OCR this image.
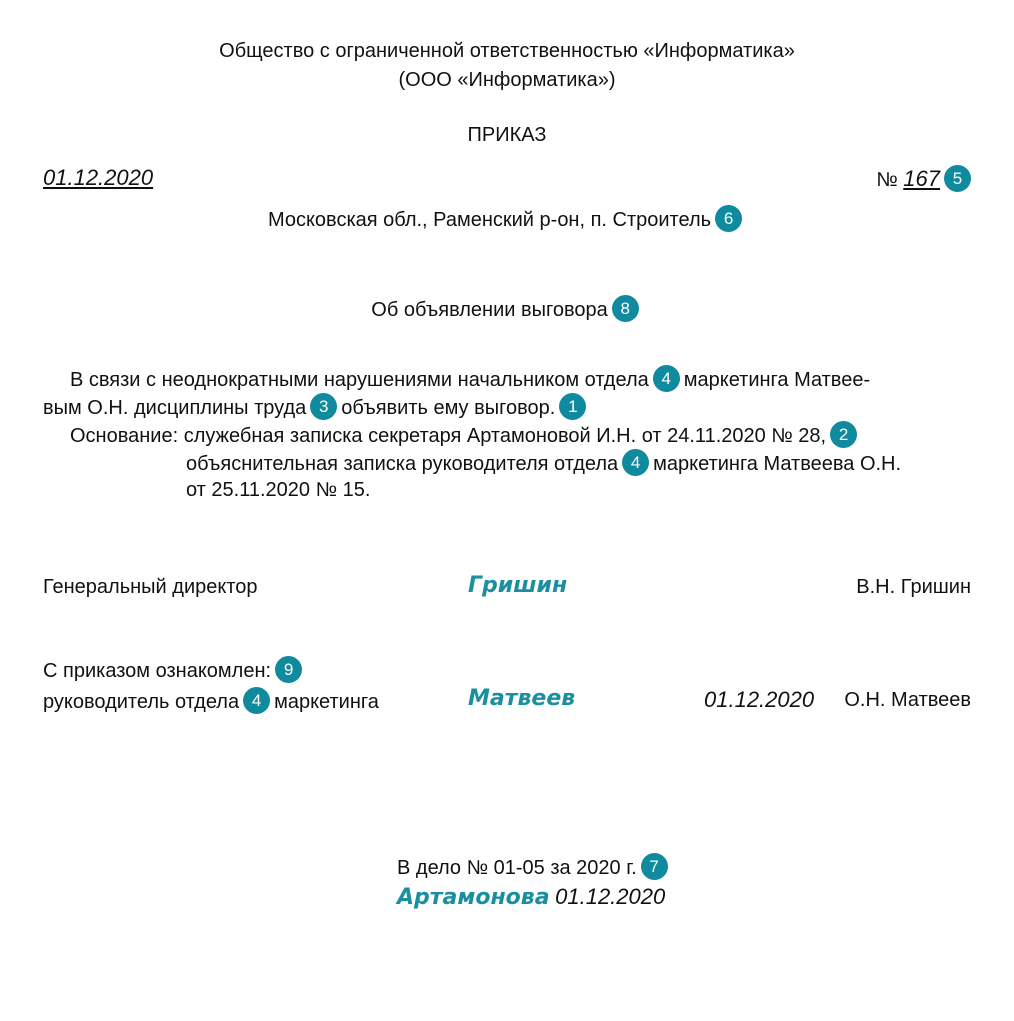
Общество с ограниченной ответственностью «Информатика»
(ООО «Информатика»)
ПРИКАЗ
01.12.2020	№ 167 5
Московская обл., Раменский р-он, п. Строитель 6
Об объявлении выговора 8
В связи с неоднократными нарушениями начальником отдела 4 маркетинга Матвее-
вым О.Н. дисциплины труда 3 объявить ему выговор. 1
Основание: служебная записка секретаря Артамоновой И.Н. от 24.11.2020 № 28, 2
объяснительная записка руководителя отдела 4 маркетинга Матвеева О.Н.
от 25.11.2020 № 15.
Генеральный директор	Гришин	В.Н. Гришин
С приказом ознакомлен: 9
руководитель отдела 4 маркетинга	Матвеев	01.12.2020 О.Н. Матвеев
В дело № 01-05 за 2020 г. 7
Артамонова 01.12.2020
